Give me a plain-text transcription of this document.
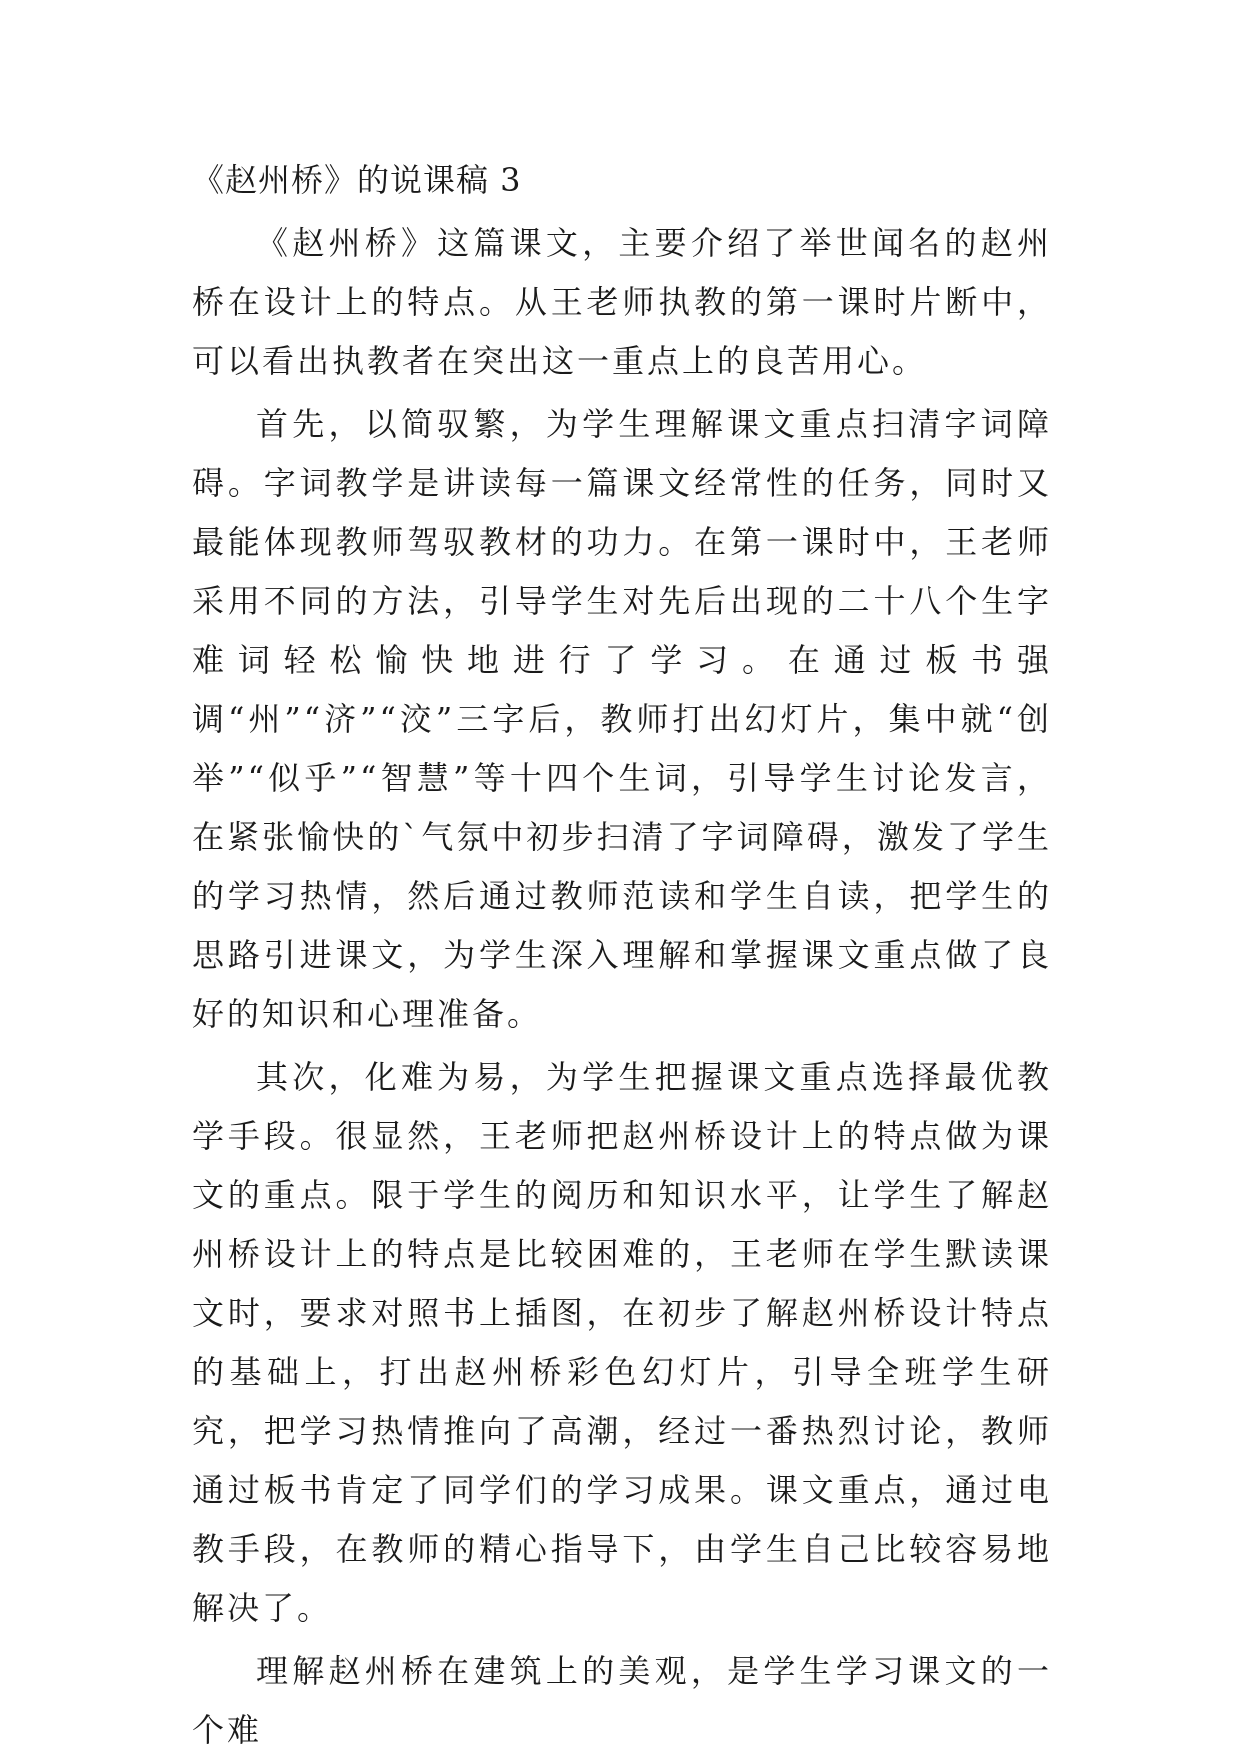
《赵州桥》的说课稿 3

《赵州桥》这篇课文，主要介绍了举世闻名的赵州桥在设计上的特点。从王老师执教的第一课时片断中，可以看出执教者在突出这一重点上的良苦用心。

首先，以简驭繁，为学生理解课文重点扫清字词障碍。字词教学是讲读每一篇课文经常性的任务，同时又最能体现教师驾驭教材的功力。在第一课时中，王老师采用不同的方法，引导学生对先后出现的二十八个生字难词轻松愉快地进行了学习。在通过板书强调“州”“济”“洨”三字后，教师打出幻灯片，集中就“创举”“似乎”“智慧”等十四个生词，引导学生讨论发言，在紧张愉快的`气氛中初步扫清了字词障碍，激发了学生的学习热情，然后通过教师范读和学生自读，把学生的思路引进课文，为学生深入理解和掌握课文重点做了良好的知识和心理准备。

其次，化难为易，为学生把握课文重点选择最优教学手段。很显然，王老师把赵州桥设计上的特点做为课文的重点。限于学生的阅历和知识水平，让学生了解赵州桥设计上的特点是比较困难的，王老师在学生默读课文时，要求对照书上插图，在初步了解赵州桥设计特点的基础上，打出赵州桥彩色幻灯片，引导全班学生研究，把学习热情推向了高潮，经过一番热烈讨论，教师通过板书肯定了同学们的学习成果。课文重点，通过电教手段，在教师的精心指导下，由学生自己比较容易地解决了。

理解赵州桥在建筑上的美观，是学生学习课文的一个难
